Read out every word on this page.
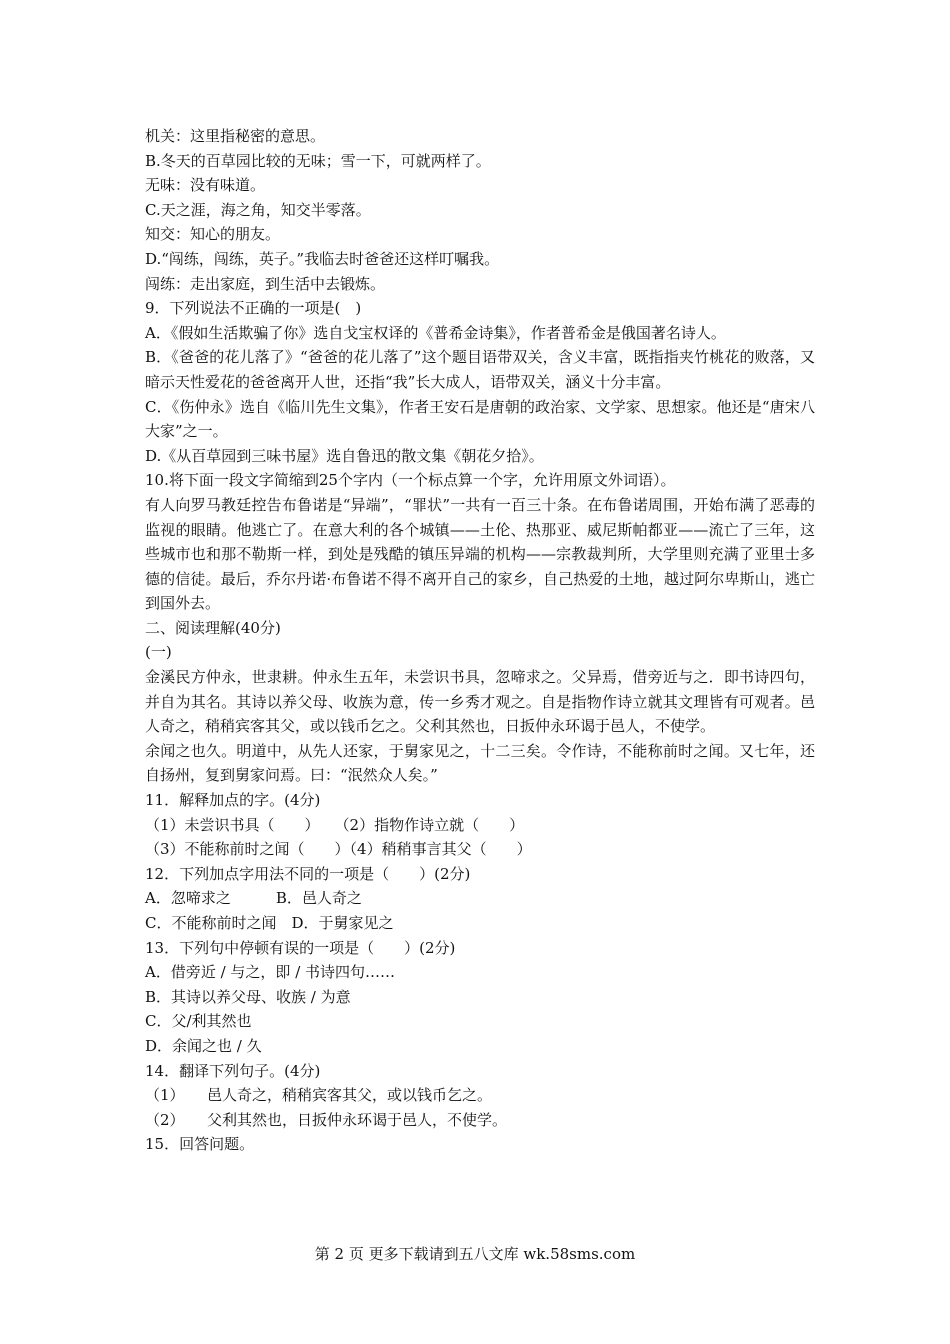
机关：这里指秘密的意思。
B.冬天的百草园比较的无味；雪一下，可就两样了。
无味：没有味道。
C.天之涯，海之角，知交半零落。
知交：知心的朋友。
D.“闯练，闯练，英子。”我临去时爸爸还这样叮嘱我。
闯练：走出家庭，到生活中去锻炼。
9．下列说法不正确的一项是(　)
A．《假如生活欺骗了你》选自戈宝权译的《普希金诗集》，作者普希金是俄国著名诗人。
B．《爸爸的花儿落了》“爸爸的花儿落了”这个题目语带双关，含义丰富，既指指夹竹桃花的败落，又暗示天性爱花的爸爸离开人世，还指“我”长大成人，语带双关，涵义十分丰富。
C．《伤仲永》选自《临川先生文集》，作者王安石是唐朝的政治家、文学家、思想家。他还是“唐宋八大家”之一。
D.《从百草园到三味书屋》选自鲁迅的散文集《朝花夕拾》。
10.将下面一段文字简缩到25个字内（一个标点算一个字，允许用原文外词语）。
有人向罗马教廷控告布鲁诺是“异端”，“罪状”一共有一百三十条。在布鲁诺周围，开始布满了恶毒的监视的眼睛。他逃亡了。在意大利的各个城镇——土伦、热那亚、威尼斯帕都亚——流亡了三年，这些城市也和那不勒斯一样，到处是残酷的镇压异端的机构——宗教裁判所，大学里则充满了亚里士多德的信徒。最后，乔尔丹诺·布鲁诺不得不离开自己的家乡，自己热爱的土地，越过阿尔卑斯山，逃亡到国外去。
二、阅读理解(40分)
(一)
金溪民方仲永，世隶耕。仲永生五年，未尝识书具，忽啼求之。父异焉，借旁近与之．即书诗四句，并自为其名。其诗以养父母、收族为意，传一乡秀才观之。自是指物作诗立就其文理皆有可观者。邑人奇之，稍稍宾客其父，或以钱币乞之。父利其然也，日扳仲永环谒于邑人，不使学。
余闻之也久。明道中，从先人还家，于舅家见之，十二三矣。令作诗，不能称前时之闻。又七年，还自扬州，复到舅家问焉。曰：“泯然众人矣。”
11．解释加点的字。(4分)
（1）未尝识书具（　　）　　（2）指物作诗立就（　　）
（3）不能称前时之闻（　　）（4）稍稍事言其父（　　）
12．下列加点字用法不同的一项是（　　）(2分)
A．忽啼求之　　　B．邑人奇之
C．不能称前时之闻　D．于舅家见之
13．下列句中停顿有误的一项是（　　）(2分)
A．借旁近 / 与之，即 / 书诗四句……
B．其诗以养父母、收族 / 为意
C．父/利其然也
D．余闻之也 / 久
14．翻译下列句子。(4分)
（1）　　邑人奇之，稍稍宾客其父，或以钱币乞之。
（2）　　父利其然也，日扳仲永环谒于邑人，不使学。
15．回答问题。
第 2 页 更多下载请到五八文库 wk.58sms.com
